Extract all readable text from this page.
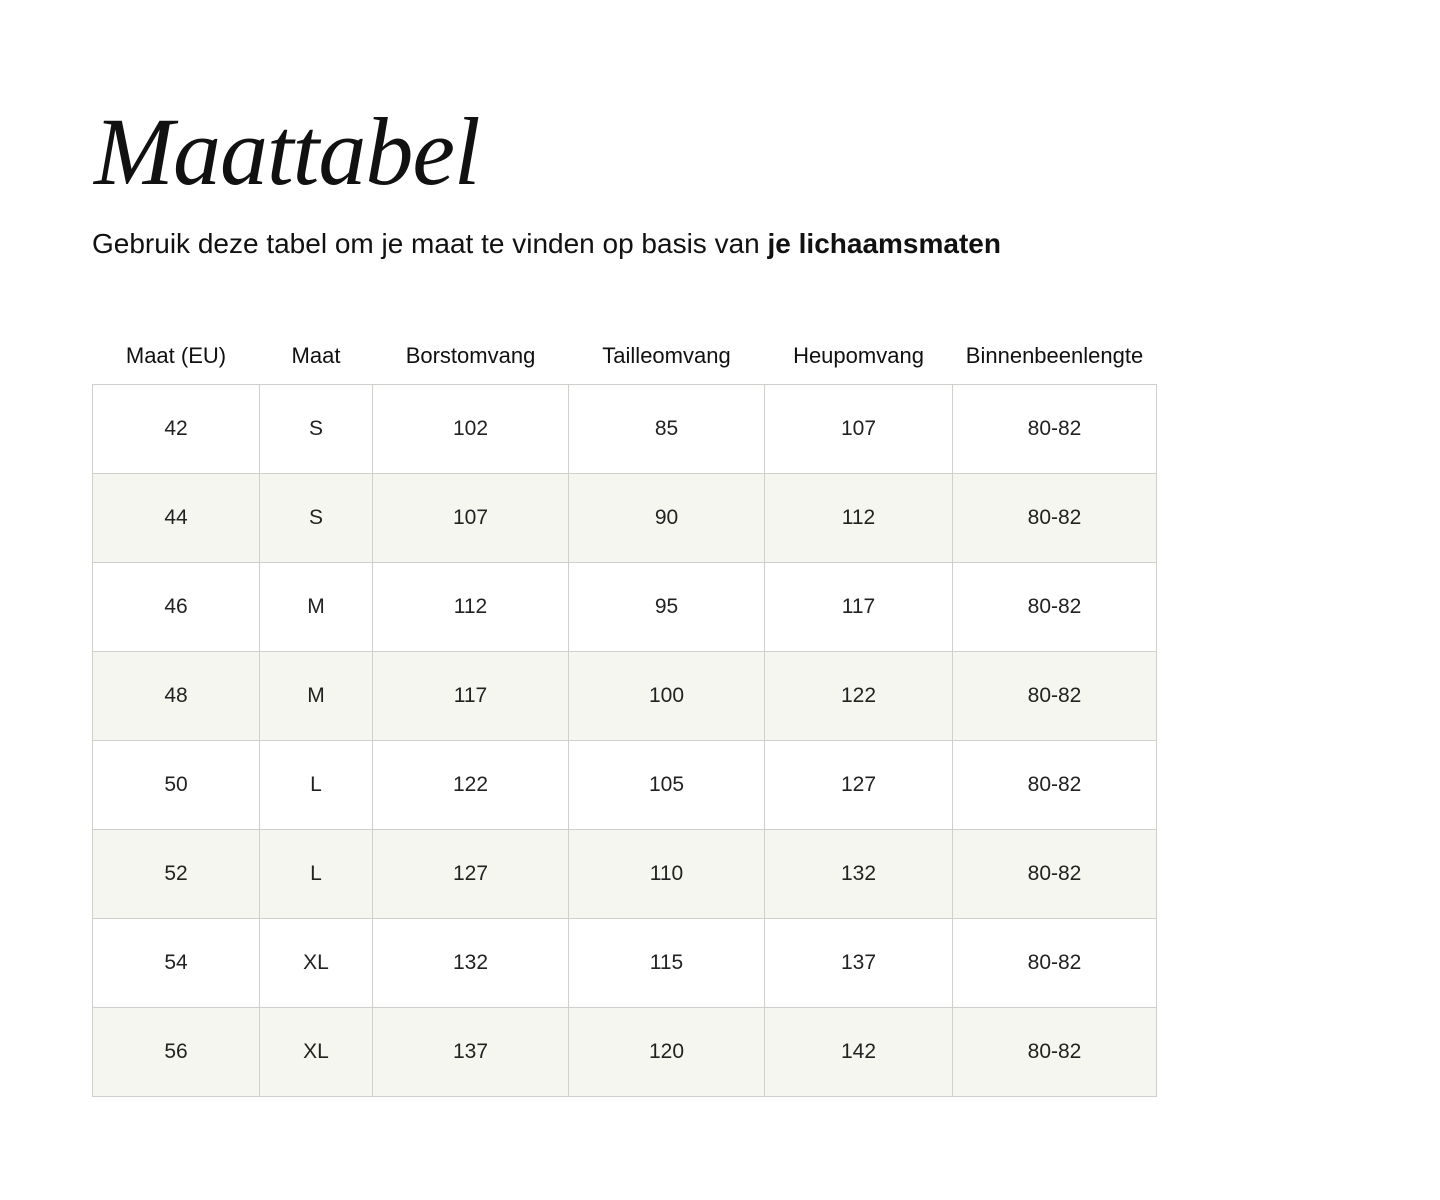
Maattabel

Gebruik deze tabel om je maat te vinden op basis van je lichaamsmaten

Maat (EU)	Maat	Borstomvang	Tailleomvang	Heupomvang	Binnenbeenlengte
42	S	102	85	107	80-82
44	S	107	90	112	80-82
46	M	112	95	117	80-82
48	M	117	100	122	80-82
50	L	122	105	127	80-82
52	L	127	110	132	80-82
54	XL	132	115	137	80-82
56	XL	137	120	142	80-82
